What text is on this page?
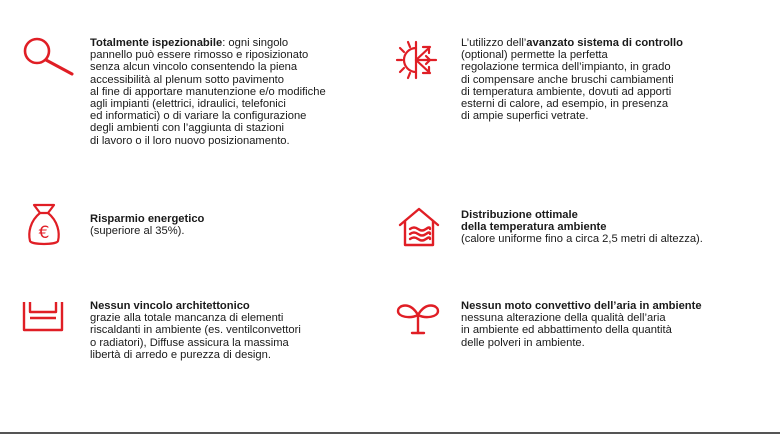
Totalmente ispezionabile: ogni singolo
pannello può essere rimosso e riposizionato
senza alcun vincolo consentendo la piena
accessibilità al plenum sotto pavimento
al fine di apportare manutenzione e/o modifiche
agli impianti (elettrici, idraulici, telefonici
ed informatici) o di variare la configurazione
degli ambienti con l’aggiunta di stazioni
di lavoro o il loro nuovo posizionamento.
L’utilizzo dell’avanzato sistema di controllo
(optional) permette la perfetta
regolazione termica dell’impianto, in grado
di compensare anche bruschi cambiamenti
di temperatura ambiente, dovuti ad apporti
esterni di calore, ad esempio, in presenza
di ampie superfici vetrate.
€
Risparmio energetico
(superiore al 35%).
Distribuzione ottimale
della temperatura ambiente
(calore uniforme fino a circa 2,5 metri di altezza).
Nessun vincolo architettonico
grazie alla totale mancanza di elementi
riscaldanti in ambiente (es. ventilconvettori
o radiatori), Diffuse assicura la massima
libertà di arredo e purezza di design.
Nessun moto convettivo dell’aria in ambiente
nessuna alterazione della qualità dell’aria
in ambiente ed abbattimento della quantità
delle polveri in ambiente.
